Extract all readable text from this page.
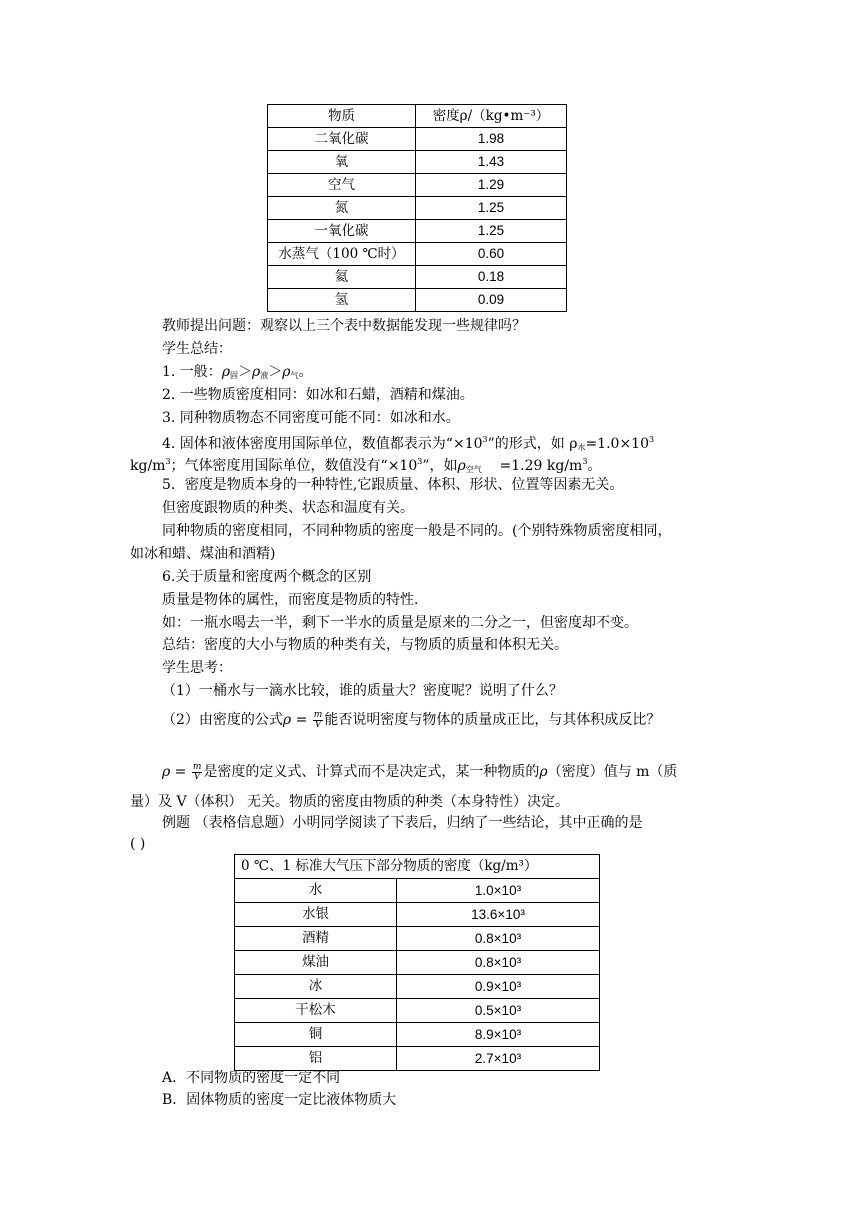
物质	密度ρ/（kg•m⁻³）
二氧化碳	1.98
氧	1.43
空气	1.29
氮	1.25
一氧化碳	1.25
水蒸气（100 ℃时）	0.60
氦	0.18
氢	0.09
教师提出问题：观察以上三个表中数据能发现一些规律吗？
学生总结：
1. 一般：$\rho_固>\rho_液>\rho_气$。
2. 一些物质密度相同：如冰和石蜡，酒精和煤油。
3. 同种物质物态不同密度可能不同：如冰和水。
4. 固体和液体密度用国际单位，数值都表示为“$\times 10^3$”的形式，如 $\rho_水=1.0\times 10^3$
$kg/m^3$；气体密度用国际单位，数值没有“$\times 10^3$”，如$\rho_{空气} =1.29$ $kg/m^3$。
5．密度是物质本身的一种特性,它跟质量、体积、形状、位置等因素无关。
但密度跟物质的种类、状态和温度有关。
同种物质的密度相同，不同种物质的密度一般是不同的。(个别特殊物质密度相同，
如冰和蜡、煤油和酒精)
6.关于质量和密度两个概念的区别
质量是物体的属性，而密度是物质的特性.
如：一瓶水喝去一半，剩下一半水的质量是原来的二分之一，但密度却不变。
总结：密度的大小与物质的种类有关，与物质的质量和体积无关。
学生思考：
（1）一桶水与一滴水比较，谁的质量大？密度呢？说明了什么？
（2）由密度的公式$\rho = \frac{m}{V}$ 能否说明密度与物体的质量成正比，与其体积成反比？
$\rho = \frac{m}{V}$ 是密度的定义式、计算式而不是决定式，某一种物质的ρ（密度）值与 m（质
量）及 V（体积） 无关。物质的密度由物质的种类（本身特性）决定。
例题 （表格信息题）小明同学阅读了下表后，归纳了一些结论，其中正确的是
( )
0 ℃、1 标准大气压下部分物质的密度（kg/m³）	
水	1.0×10³
水银	13.6×10³
酒精	0.8×10³
煤油	0.8×10³
冰	0.9×10³
干松木	0.5×10³
铜	8.9×10³
铝	2.7×10³
A．不同物质的密度一定不同
B．固体物质的密度一定比液体物质大
